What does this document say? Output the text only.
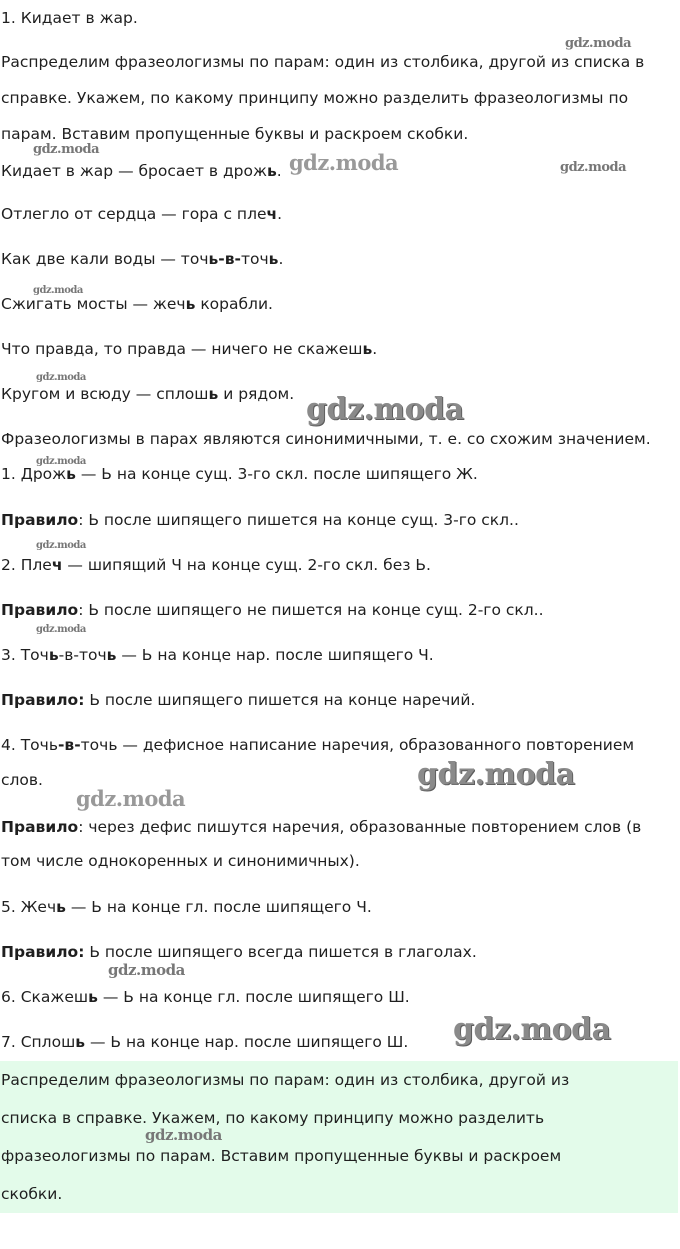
1. Кидает в жар.
Распределим фразеологизмы по парам: один из столбика, другой из списка в
справке. Укажем, по какому принципу можно разделить фразеологизмы по
парам. Вставим пропущенные буквы и раскроем скобки.
Кидает в жар — бросает в дрожь.
Отлегло от сердца — гора с плеч.
Как две кали воды — точь-в-точь.
Сжигать мосты — жечь корабли.
Что правда, то правда — ничего не скажешь.
Кругом и всюду — сплошь и рядом.
Фразеологизмы в парах являются синонимичными, т. е. со схожим значением.
1. Дрожь — Ь на конце сущ. 3-го скл. после шипящего Ж.
Правило: Ь после шипящего пишется на конце сущ. 3-го скл..
2. Плеч — шипящий Ч на конце сущ. 2-го скл. без Ь.
Правило: Ь после шипящего не пишется на конце сущ. 2-го скл..
3. Точь-в-точь — Ь на конце нар. после шипящего Ч.
Правило: Ь после шипящего пишется на конце наречий.
4. Точь-в-точь — дефисное написание наречия, образованного повторением
слов.
Правило: через дефис пишутся наречия, образованные повторением слов (в
том числе однокоренных и синонимичных).
5. Жечь — Ь на конце гл. после шипящего Ч.
Правило: Ь после шипящего всегда пишется в глаголах.
6. Скажешь — Ь на конце гл. после шипящего Ш.
7. Сплошь — Ь на конце нар. после шипящего Ш.
Распределим фразеологизмы по парам: один из столбика, другой из
списка в справке. Укажем, по какому принципу можно разделить
фразеологизмы по парам. Вставим пропущенные буквы и раскроем
скобки.
gdz.moda
gdz.moda
gdz.moda	gdz.moda
gdz.moda
gdz.moda
gdz.moda
gdz.moda
gdz.moda
gdz.moda
gdz.moda
gdz.moda
gdz.moda
gdz.moda
gdz.moda
